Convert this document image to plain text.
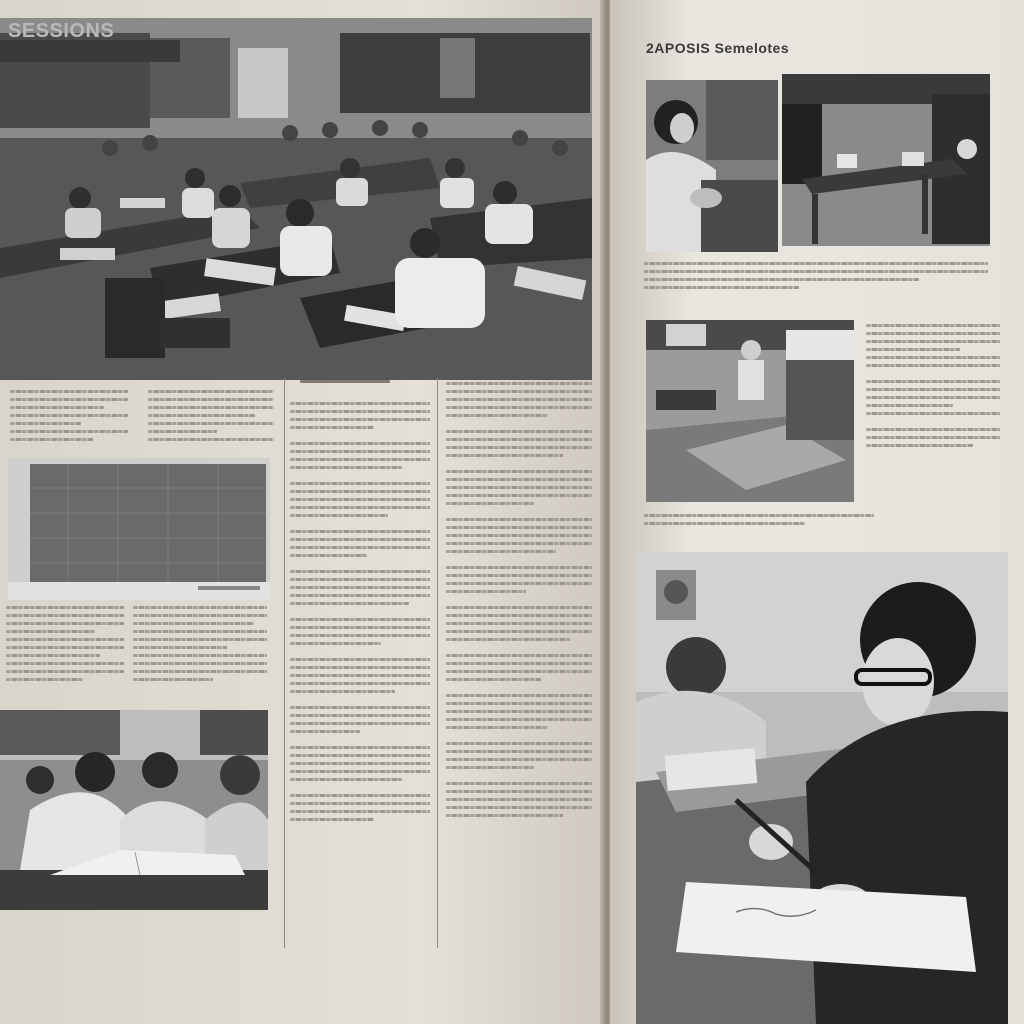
SESSIONS
2APOSIS Semelotes
